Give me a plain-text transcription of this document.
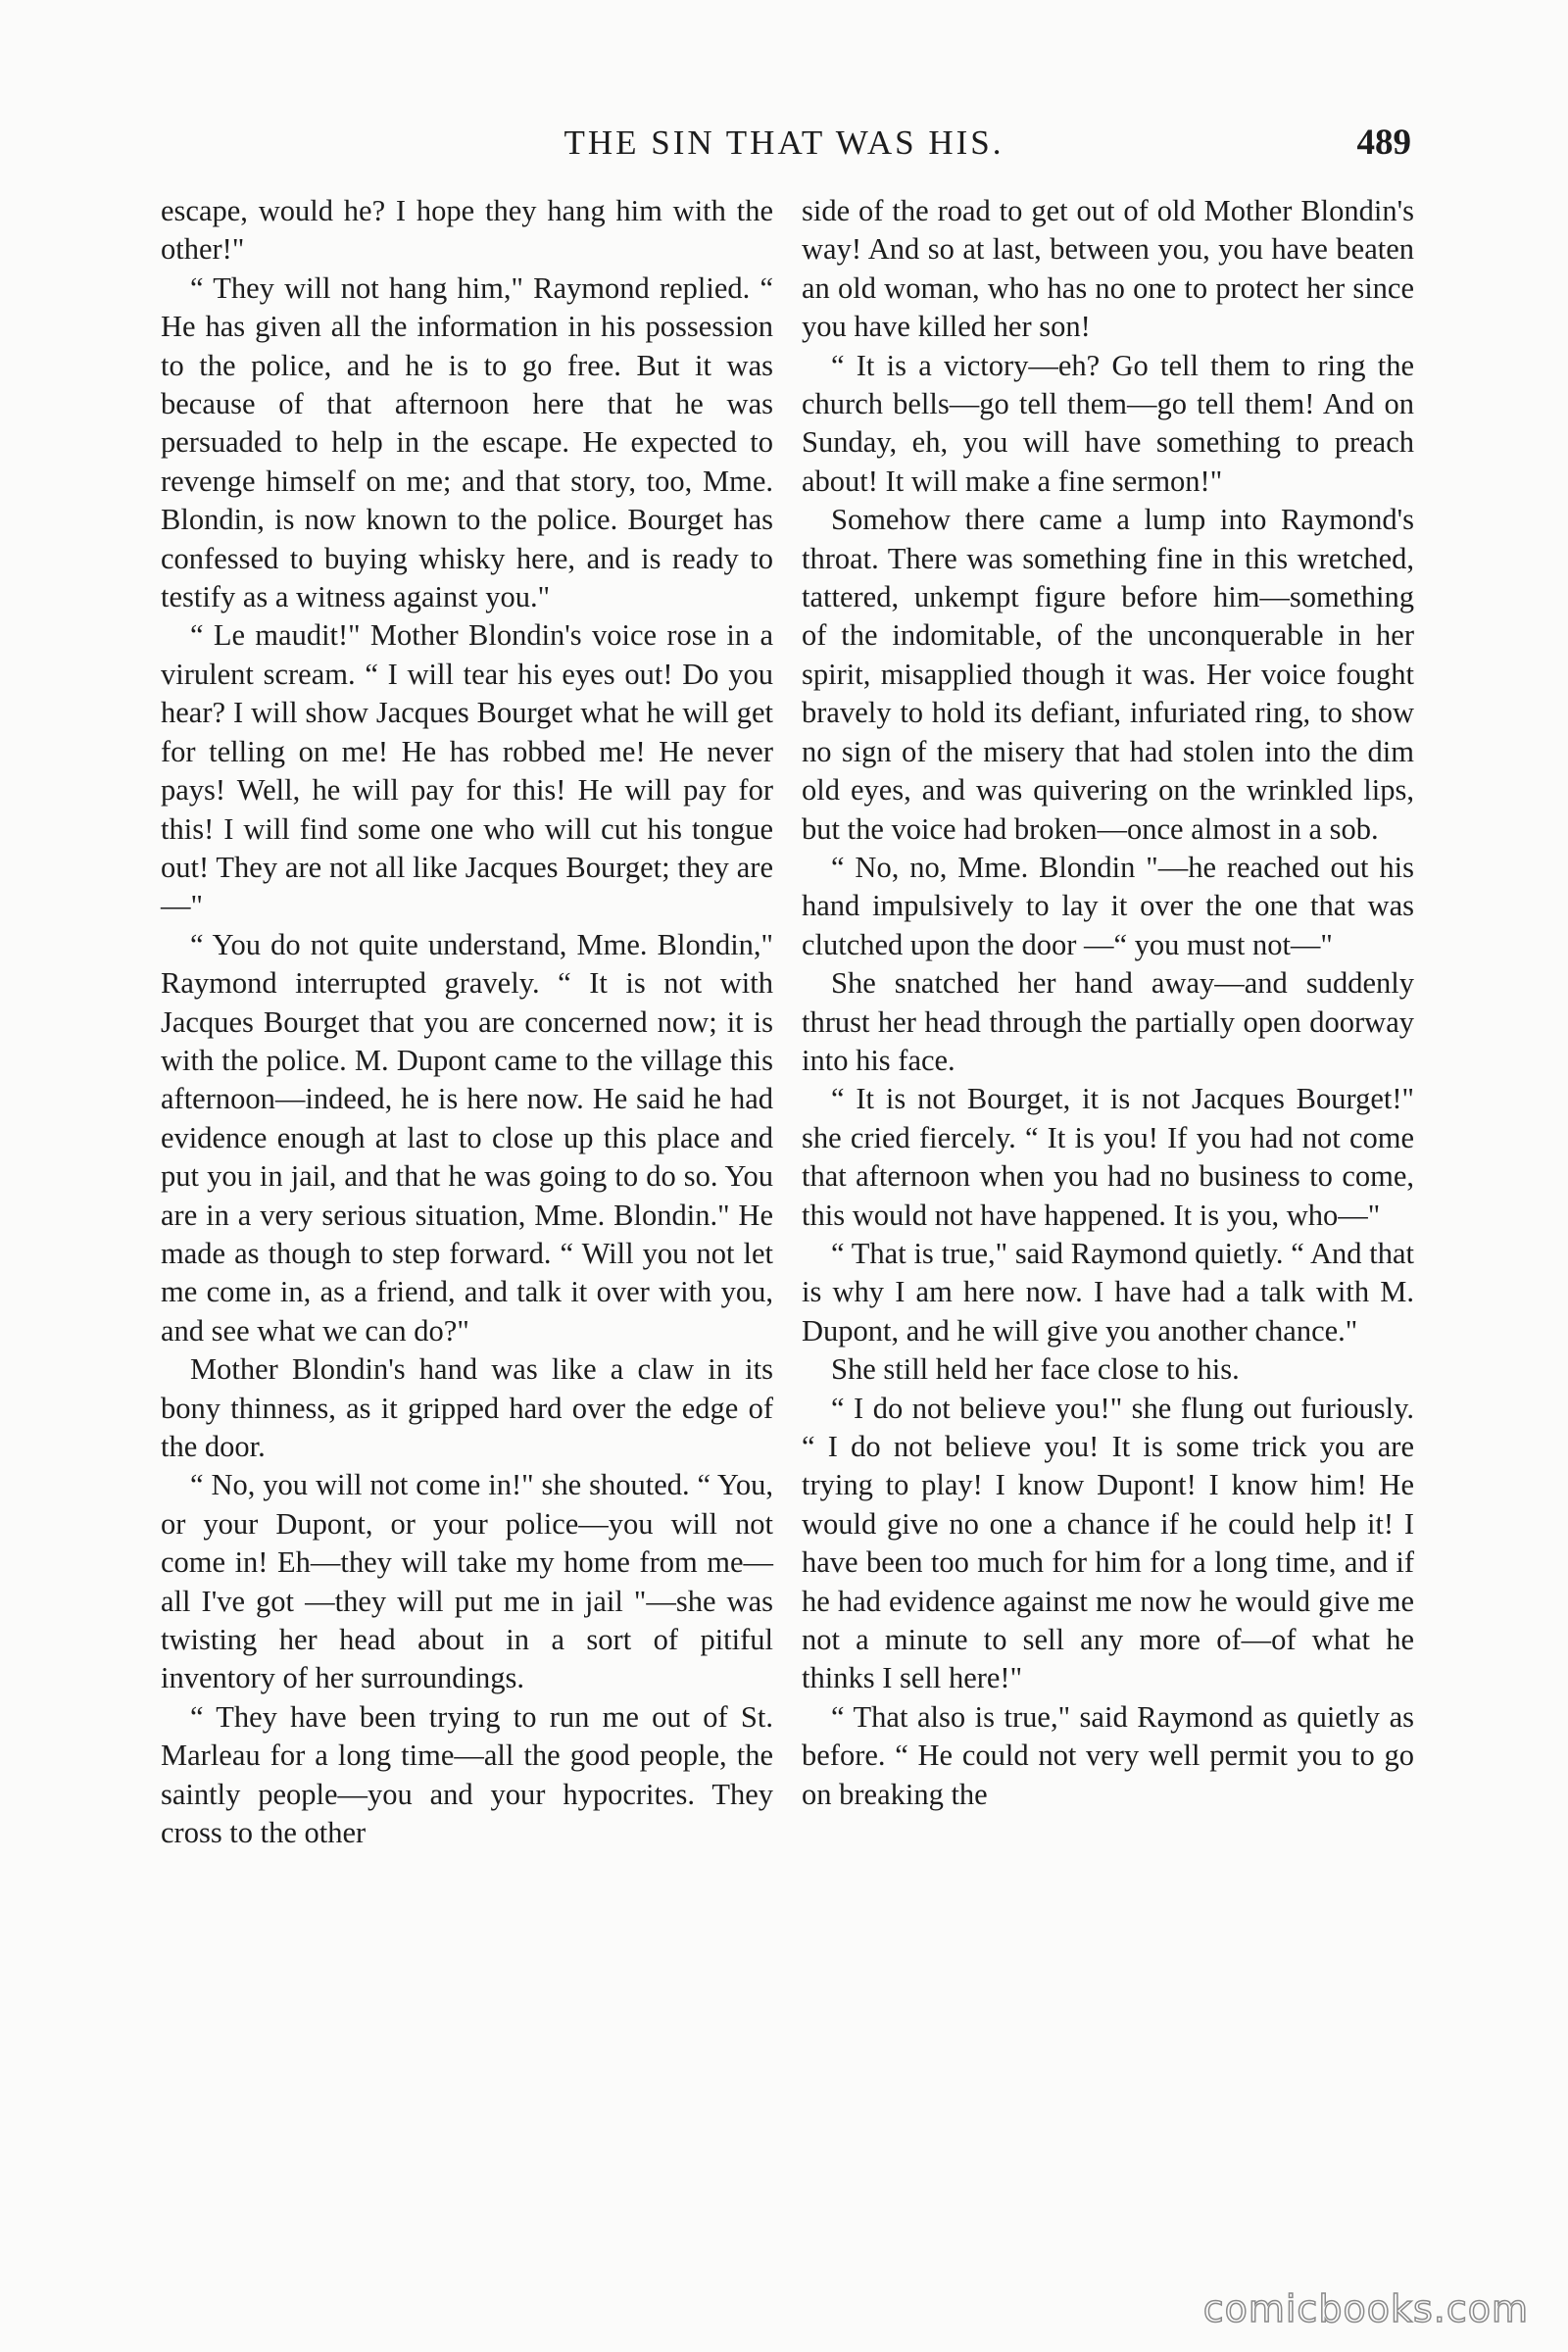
THE SIN THAT WAS HIS.	489

escape, would he? I hope they hang him with the other!"

“ They will not hang him," Raymond replied. “ He has given all the information in his possession to the police, and he is to go free. But it was because of that afternoon here that he was persuaded to help in the escape. He expected to revenge himself on me; and that story, too, Mme. Blondin, is now known to the police. Bourget has confessed to buying whisky here, and is ready to testify as a witness against you."

“ Le maudit!" Mother Blondin's voice rose in a virulent scream. “ I will tear his eyes out! Do you hear? I will show Jacques Bourget what he will get for telling on me! He has robbed me! He never pays! Well, he will pay for this! He will pay for this! I will find some one who will cut his tongue out! They are not all like Jacques Bourget; they are—"

“ You do not quite understand, Mme. Blondin," Raymond interrupted gravely. “ It is not with Jacques Bourget that you are concerned now; it is with the police. M. Dupont came to the village this afternoon—indeed, he is here now. He said he had evidence enough at last to close up this place and put you in jail, and that he was going to do so. You are in a very serious situation, Mme. Blondin." He made as though to step forward. “ Will you not let me come in, as a friend, and talk it over with you, and see what we can do?"

Mother Blondin's hand was like a claw in its bony thinness, as it gripped hard over the edge of the door.

“ No, you will not come in!" she shouted. “ You, or your Dupont, or your police—you will not come in! Eh—they will take my home from me—all I've got —they will put me in jail "—she was twisting her head about in a sort of pitiful inventory of her surroundings.

“ They have been trying to run me out of St. Marleau for a long time—all the good people, the saintly people—you and your hypocrites. They cross to the other

side of the road to get out of old Mother Blondin's way! And so at last, between you, you have beaten an old woman, who has no one to protect her since you have killed her son!

“ It is a victory—eh? Go tell them to ring the church bells—go tell them—go tell them! And on Sunday, eh, you will have something to preach about! It will make a fine sermon!"

Somehow there came a lump into Raymond's throat. There was something fine in this wretched, tattered, unkempt figure before him—something of the indomitable, of the unconquerable in her spirit, misapplied though it was. Her voice fought bravely to hold its defiant, infuriated ring, to show no sign of the misery that had stolen into the dim old eyes, and was quivering on the wrinkled lips, but the voice had broken—once almost in a sob.

“ No, no, Mme. Blondin "—he reached out his hand impulsively to lay it over the one that was clutched upon the door —“ you must not—"

She snatched her hand away—and suddenly thrust her head through the partially open doorway into his face.

“ It is not Bourget, it is not Jacques Bourget!" she cried fiercely. “ It is you! If you had not come that afternoon when you had no business to come, this would not have happened. It is you, who—"

“ That is true," said Raymond quietly. “ And that is why I am here now. I have had a talk with M. Dupont, and he will give you another chance."

She still held her face close to his.

“ I do not believe you!" she flung out furiously. “ I do not believe you! It is some trick you are trying to play! I know Dupont! I know him! He would give no one a chance if he could help it! I have been too much for him for a long time, and if he had evidence against me now he would give me not a minute to sell any more of—of what he thinks I sell here!"

“ That also is true," said Raymond as quietly as before. “ He could not very well permit you to go on breaking the

comicbooks.com
